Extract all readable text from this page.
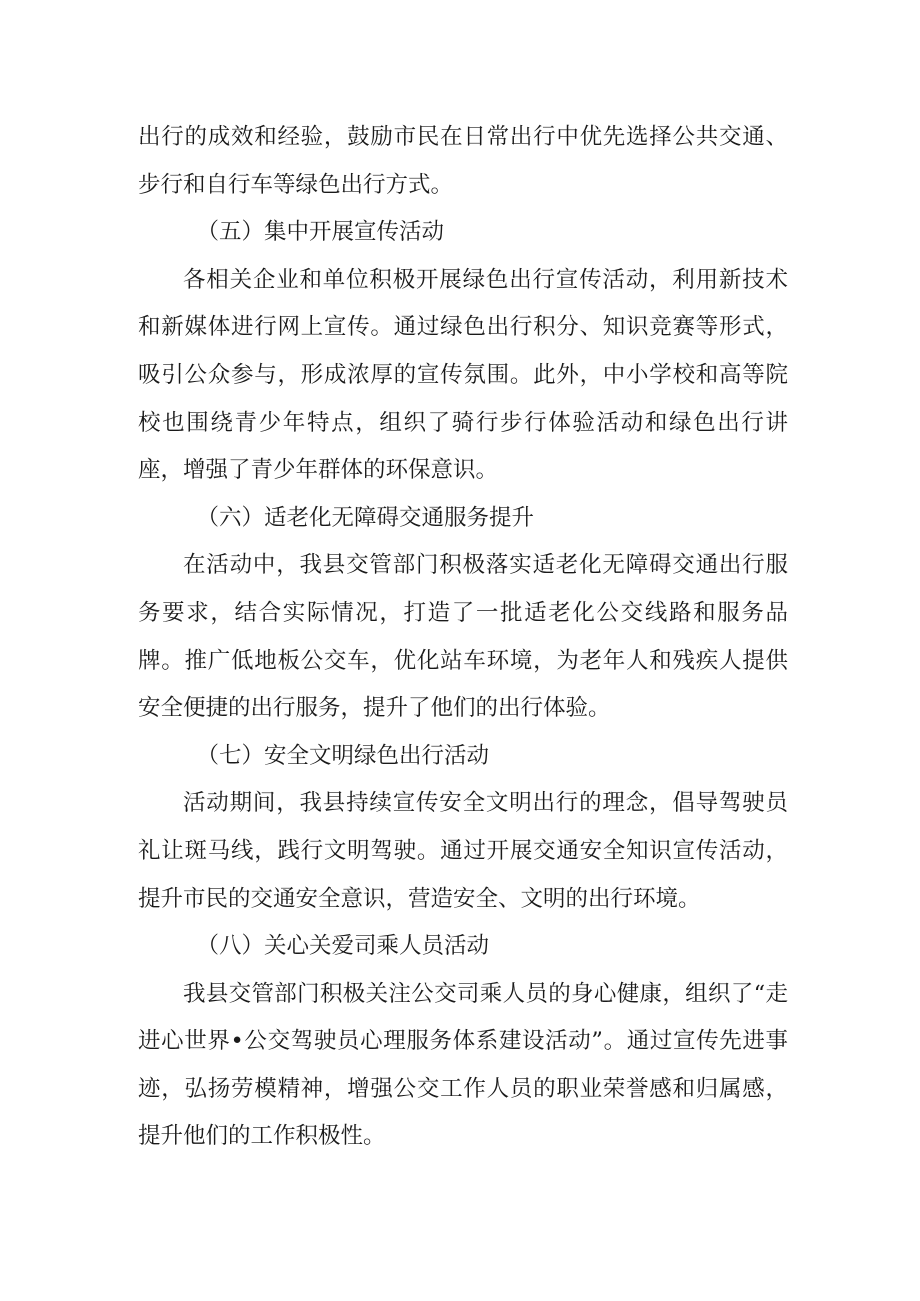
出行的成效和经验，鼓励市民在日常出行中优先选择公共交通、步行和自行车等绿色出行方式。

（五）集中开展宣传活动

各相关企业和单位积极开展绿色出行宣传活动，利用新技术和新媒体进行网上宣传。通过绿色出行积分、知识竞赛等形式，吸引公众参与，形成浓厚的宣传氛围。此外，中小学校和高等院校也围绕青少年特点，组织了骑行步行体验活动和绿色出行讲座，增强了青少年群体的环保意识。

（六）适老化无障碍交通服务提升

在活动中，我县交管部门积极落实适老化无障碍交通出行服务要求，结合实际情况，打造了一批适老化公交线路和服务品牌。推广低地板公交车，优化站车环境，为老年人和残疾人提供安全便捷的出行服务，提升了他们的出行体验。

（七）安全文明绿色出行活动

活动期间，我县持续宣传安全文明出行的理念，倡导驾驶员礼让斑马线，践行文明驾驶。通过开展交通安全知识宣传活动，提升市民的交通安全意识，营造安全、文明的出行环境。

（八）关心关爱司乘人员活动

我县交管部门积极关注公交司乘人员的身心健康，组织了“走进心世界•公交驾驶员心理服务体系建设活动”。通过宣传先进事迹，弘扬劳模精神，增强公交工作人员的职业荣誉感和归属感，提升他们的工作积极性。
